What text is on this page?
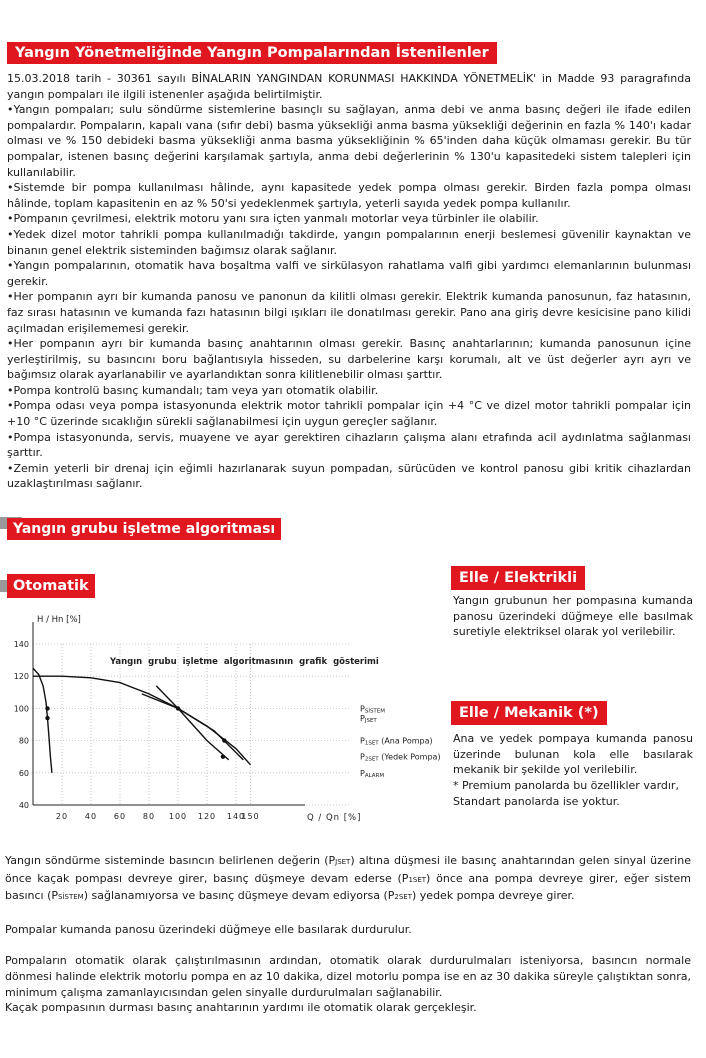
Yangın Yönetmeliğinde Yangın Pompalarından İstenilenler

15.03.2018 tarih - 30361 sayılı BİNALARIN YANGINDAN KORUNMASI HAKKINDA YÖNETMELİK' in Madde 93 paragrafında yangın pompaları ile ilgili istenenler aşağıda belirtilmiştir.

•Yangın pompaları; sulu söndürme sistemlerine basınçlı su sağlayan, anma debi ve anma basınç değeri ile ifade edilen pompalardır. Pompaların, kapalı vana (sıfır debi) basma yüksekliği anma basma yüksekliği değerinin en fazla % 140'ı kadar olması ve % 150 debideki basma yüksekliği anma basma yüksekliğinin % 65'inden daha küçük olmaması gerekir. Bu tür pompalar, istenen basınç değerini karşılamak şartıyla, anma debi değerlerinin % 130'u kapasitedeki sistem talepleri için kullanılabilir.

•Sistemde bir pompa kullanılması hâlinde, aynı kapasitede yedek pompa olması gerekir. Birden fazla pompa olması hâlinde, toplam kapasitenin en az % 50'si yedeklenmek şartıyla, yeterli sayıda yedek pompa kullanılır.

•Pompanın çevrilmesi, elektrik motoru yanı sıra içten yanmalı motorlar veya türbinler ile olabilir.

•Yedek dizel motor tahrikli pompa kullanılmadığı takdirde, yangın pompalarının enerji beslemesi güvenilir kaynaktan ve binanın genel elektrik sisteminden bağımsız olarak sağlanır.

•Yangın pompalarının, otomatik hava boşaltma valfi ve sirkülasyon rahatlama valfi gibi yardımcı elemanlarının bulunması gerekir.

•Her pompanın ayrı bir kumanda panosu ve panonun da kilitli olması gerekir. Elektrik kumanda panosunun, faz hatasının, faz sırası hatasının ve kumanda fazı hatasının bilgi ışıkları ile donatılması gerekir. Pano ana giriş devre kesicisine pano kilidi açılmadan erişilememesi gerekir.

•Her pompanın ayrı bir kumanda basınç anahtarının olması gerekir. Basınç anahtarlarının; kumanda panosunun içine yerleştirilmiş, su basıncını boru bağlantısıyla hisseden, su darbelerine karşı korumalı, alt ve üst değerler ayrı ayrı ve bağımsız olarak ayarlanabilir ve ayarlandıktan sonra kilitlenebilir olması şarttır.

•Pompa kontrolü basınç kumandalı; tam veya yarı otomatik olabilir.

•Pompa odası veya pompa istasyonunda elektrik motor tahrikli pompalar için +4 °C ve dizel motor tahrikli pompalar için +10 °C üzerinde sıcaklığın sürekli sağlanabilmesi için uygun gereçler sağlanır.

•Pompa istasyonunda, servis, muayene ve ayar gerektiren cihazların çalışma alanı etrafında acil aydınlatma sağlanması şarttır.

•Zemin yeterli bir drenaj için eğimli hazırlanarak suyun pompadan, sürücüden ve kontrol panosu gibi kritik cihazlardan uzaklaştırılması sağlanır.

Yangın grubu işletme algoritması
Otomatik	Elle / Elektrikli

Yangın grubunun her pompasına kumanda panosu üzerindeki düğmeye elle basılmak suretiyle elektriksel olarak yol verilebilir.

Elle / Mekanik (*)

Ana ve yedek pompaya kumanda panosu üzerinde bulunan kola elle basılarak mekanik bir şekilde yol verilebilir.

* Premium panolarda bu özellikler vardır, Standart panolarda ise yoktur.

140
120
100
80
60
40
20 40 60 80 100 120 140
150
H / Hn [%]
Q / Qn [%]
Yangın grubu işletme algoritmasının grafik gösterimi
PSİSTEM
PJSET
P1SET (Ana Pompa)
P2SET (Yedek Pompa)
PALARM

Yangın söndürme sisteminde basıncın belirlenen değerin (PJSET) altına düşmesi ile basınç anahtarından gelen sinyal üzerine önce kaçak pompası devreye girer, basınç düşmeye devam ederse (P1SET) önce ana pompa devreye girer, eğer sistem basıncı (PSİSTEM) sağlanamıyorsa ve basınç düşmeye devam ediyorsa (P2SET) yedek pompa devreye girer.

Pompalar kumanda panosu üzerindeki düğmeye elle basılarak durdurulur.

Pompaların otomatik olarak çalıştırılmasının ardından, otomatik olarak durdurulmaları isteniyorsa, basıncın normale dönmesi halinde elektrik motorlu pompa en az 10 dakika, dizel motorlu pompa ise en az 30 dakika süreyle çalıştıktan sonra, minimum çalışma zamanlayıcısından gelen sinyalle durdurulmaları sağlanabilir.

Kaçak pompasının durması basınç anahtarının yardımı ile otomatik olarak gerçekleşir.
